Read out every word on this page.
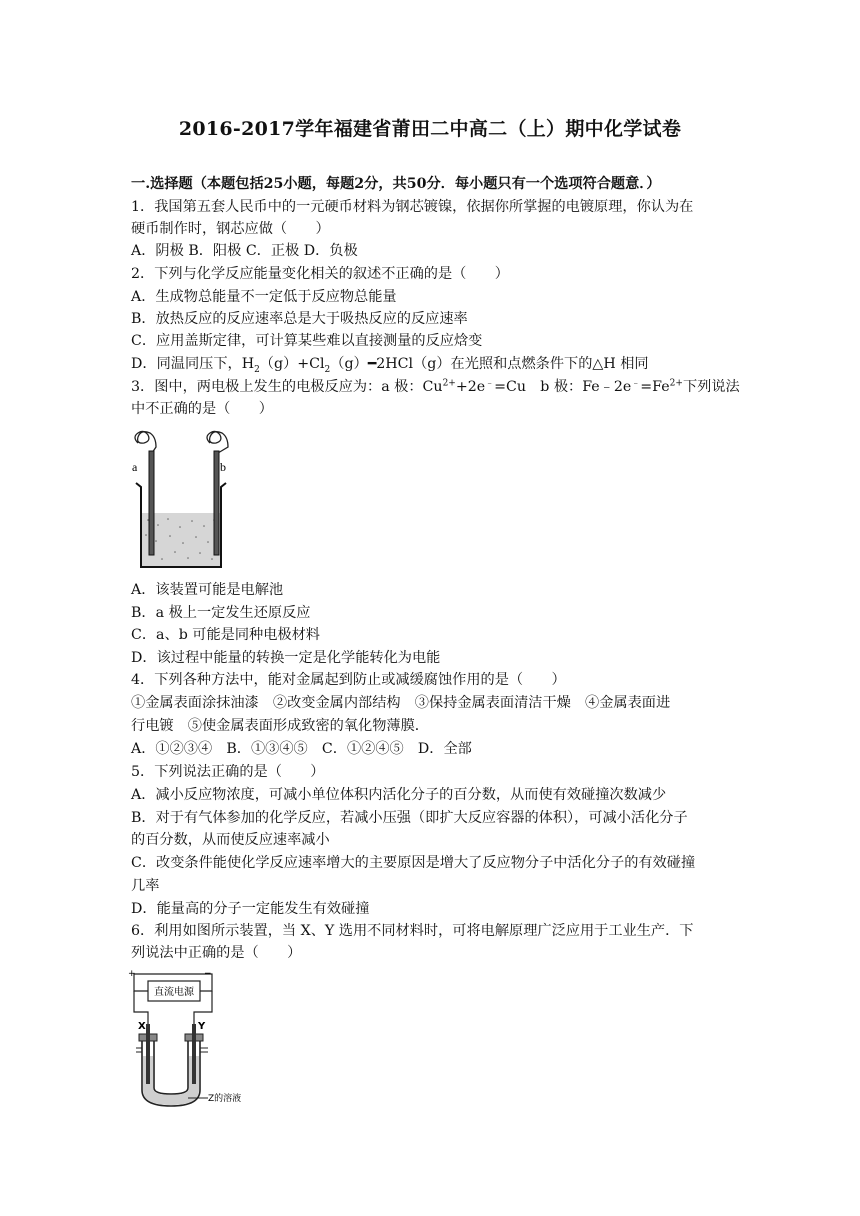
2016-2017学年福建省莆田二中高二（上）期中化学试卷
一.选择题（本题包括25小题，每题2分，共50分．每小题只有一个选项符合题意．）
1．我国第五套人民币中的一元硬币材料为钢芯镀镍，依据你所掌握的电镀原理，你认为在
硬币制作时，钢芯应做（　　）
A．阴极 B．阳极 C．正极 D．负极
2．下列与化学反应能量变化相关的叙述不正确的是（　　）
A．生成物总能量不一定低于反应物总能量
B．放热反应的反应速率总是大于吸热反应的反应速率
C．应用盖斯定律，可计算某些难以直接测量的反应焓变
D．同温同压下，$H_2(g)+Cl_2(g)━2HCl(g)$在光照和点燃条件下的△H 相同
3．图中，两电极上发生的电极反应为：a 极：$Cu^{2+}+2e^﹣=Cu$　b 极：$Fe﹣2e^﹣=Fe^{2+}$下列说法
中不正确的是（　　）
a	b
A．该装置可能是电解池
B．a 极上一定发生还原反应
C．a、b 可能是同种电极材料
D．该过程中能量的转换一定是化学能转化为电能
4．下列各种方法中，能对金属起到防止或减缓腐蚀作用的是（　　）
①金属表面涂抹油漆　②改变金属内部结构　③保持金属表面清洁干燥　④金属表面进
行电镀　⑤使金属表面形成致密的氧化物薄膜．
A．①②③④　B．①③④⑤　C．①②④⑤　D．全部
5．下列说法正确的是（　　）
A．减小反应物浓度，可减小单位体积内活化分子的百分数，从而使有效碰撞次数减少
B．对于有气体参加的化学反应，若减小压强（即扩大反应容器的体积），可减小活化分子
的百分数，从而使反应速率减小
C．改变条件能使化学反应速率增大的主要原因是增大了反应物分子中活化分子的有效碰撞
几率
D．能量高的分子一定能发生有效碰撞
6．利用如图所示装置，当 X、Y 选用不同材料时，可将电解原理广泛应用于工业生产．下
列说法中正确的是（　　）
+	−
直流电源
X	Y
Z的溶液
